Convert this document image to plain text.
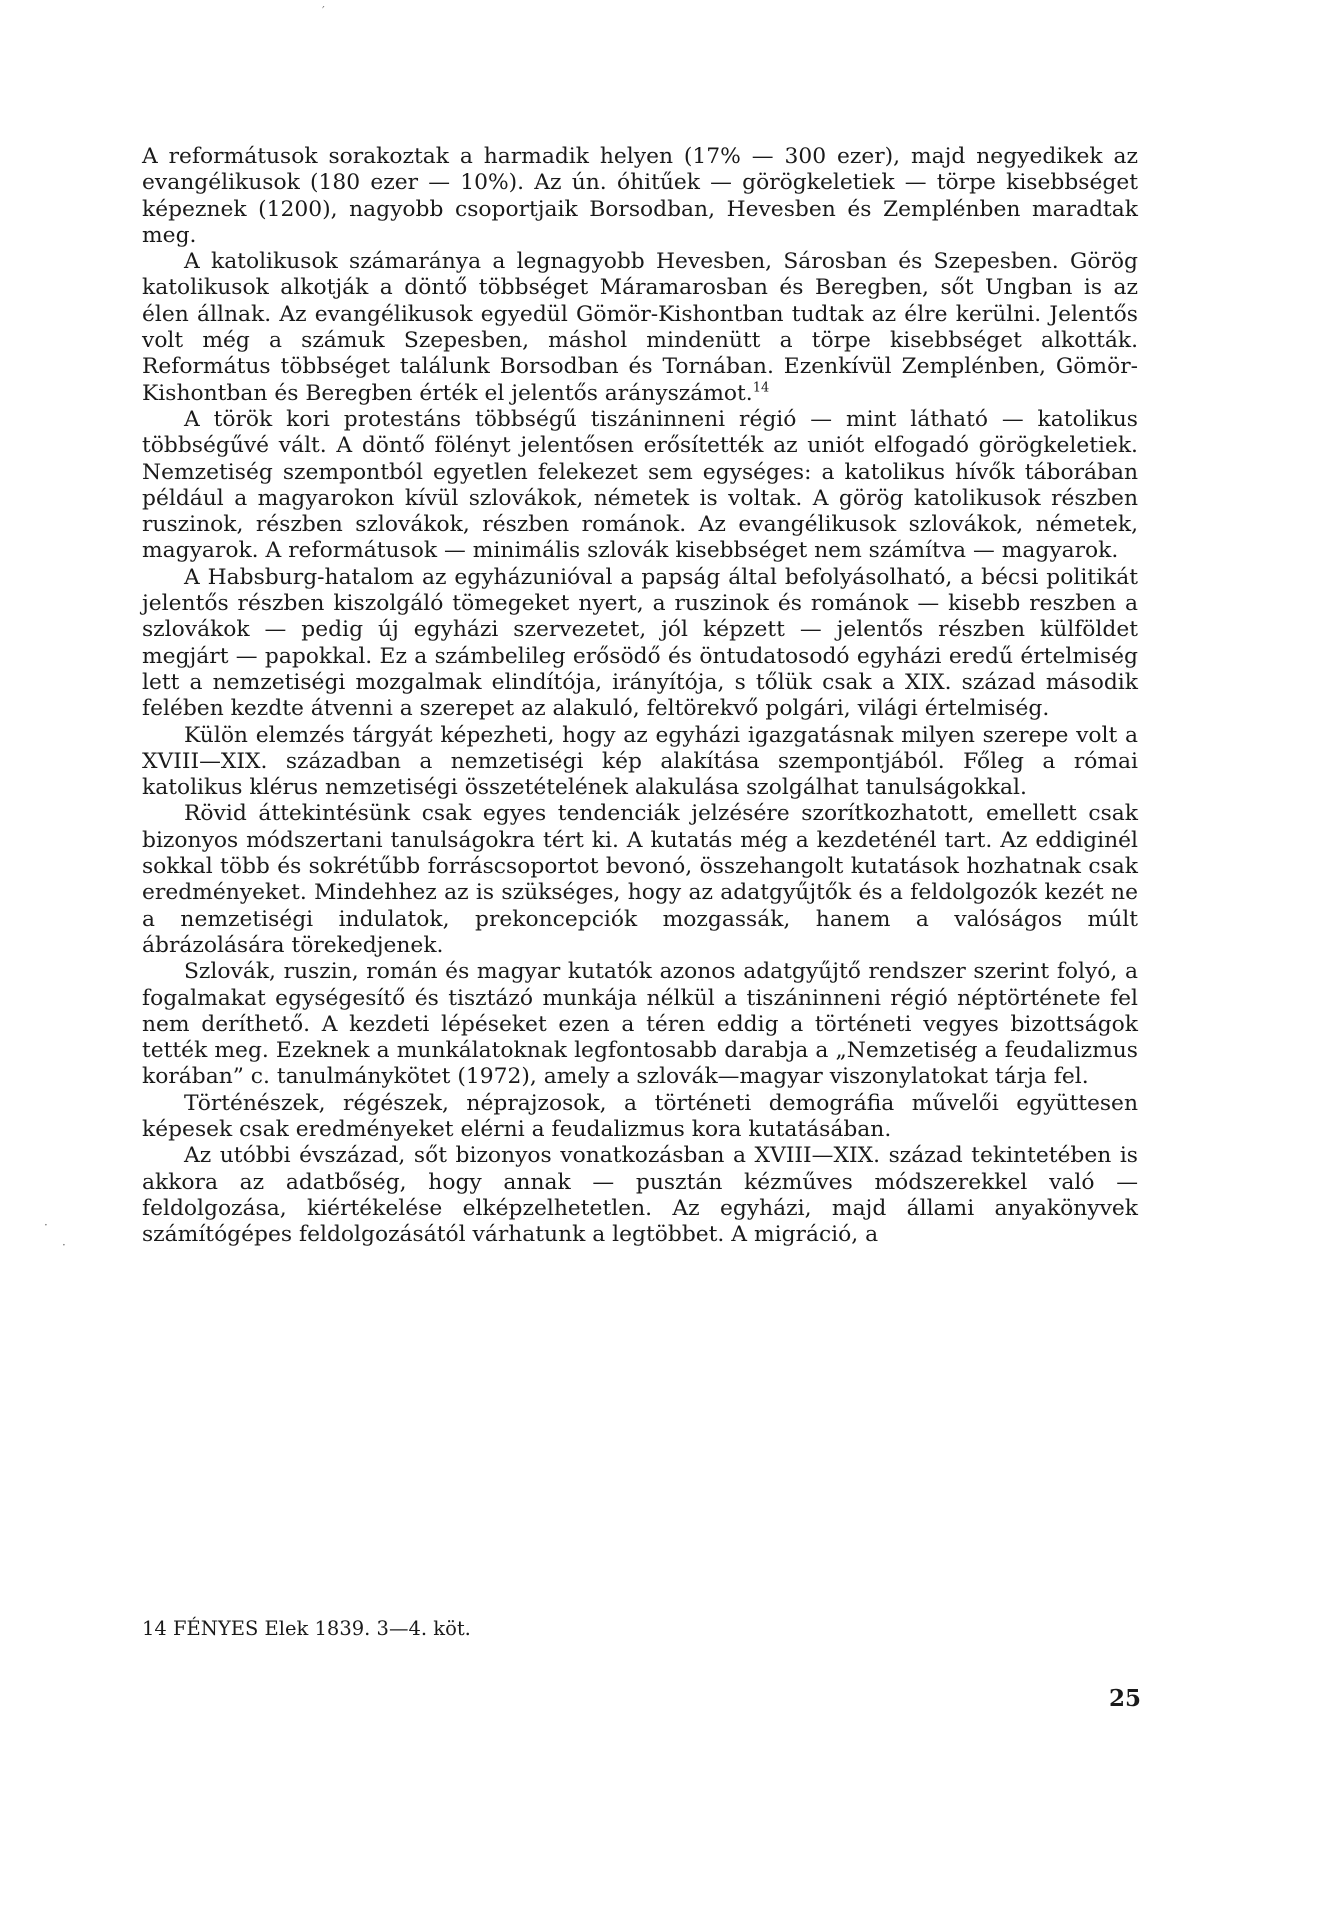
A reformátusok sorakoztak a harmadik helyen (17% — 300 ezer), majd negyedikek az evangélikusok (180 ezer — 10%). Az ún. óhitűek — görögkeletiek — törpe kisebbséget képeznek (1200), nagyobb csoportjaik Borsodban, Hevesben és Zemplénben maradtak meg.

A katolikusok számaránya a legnagyobb Hevesben, Sárosban és Szepesben. Görög katolikusok alkotják a döntő többséget Máramarosban és Beregben, sőt Ungban is az élen állnak. Az evangélikusok egyedül Gömör-Kishontban tudtak az élre kerülni. Jelentős volt még a számuk Szepesben, máshol mindenütt a törpe kisebbséget alkották. Református többséget találunk Borsodban és Tornában. Ezenkívül Zemplénben, Gömör-Kishontban és Beregben érték el jelentős arányszámot.$^{14}$

A török kori protestáns többségű tiszáninneni régió — mint látható — katolikus többségűvé vált. A döntő fölényt jelentősen erősítették az uniót elfogadó görögkeletiek. Nemzetiség szempontból egyetlen felekezet sem egységes: a katolikus hívők táborában például a magyarokon kívül szlovákok, németek is voltak. A görög katolikusok részben ruszinok, részben szlovákok, részben románok. Az evangélikusok szlovákok, németek, magyarok. A reformátusok — minimális szlovák kisebbséget nem számítva — magyarok.

A Habsburg-hatalom az egyházunióval a papság által befolyásolható, a bécsi politikát jelentős részben kiszolgáló tömegeket nyert, a ruszinok és románok — kisebb reszben a szlovákok — pedig új egyházi szervezetet, jól képzett — jelentős részben külföldet megjárt — papokkal. Ez a számbelileg erősödő és öntudatosodó egyházi eredű értelmiség lett a nemzetiségi mozgalmak elindítója, irányítója, s tőlük csak a XIX. század második felében kezdte átvenni a szerepet az alakuló, feltörekvő polgári, világi értelmiség.

Külön elemzés tárgyát képezheti, hogy az egyházi igazgatásnak milyen szerepe volt a XVIII—XIX. században a nemzetiségi kép alakítása szempontjából. Főleg a római katolikus klérus nemzetiségi összetételének alakulása szolgálhat tanulságokkal.

Rövid áttekintésünk csak egyes tendenciák jelzésére szorítkozhatott, emellett csak bizonyos módszertani tanulságokra tért ki. A kutatás még a kezdeténél tart. Az eddiginél sokkal több és sokrétűbb forráscsoportot bevonó, összehangolt kutatások hozhatnak csak eredményeket. Mindehhez az is szükséges, hogy az adatgyűjtők és a feldolgozók kezét ne a nemzetiségi indulatok, prekoncepciók mozgassák, hanem a valóságos múlt ábrázolására törekedjenek.

Szlovák, ruszin, román és magyar kutatók azonos adatgyűjtő rendszer szerint folyó, a fogalmakat egységesítő és tisztázó munkája nélkül a tiszáninneni régió néptörténete fel nem deríthető. A kezdeti lépéseket ezen a téren eddig a történeti vegyes bizottságok tették meg. Ezeknek a munkálatoknak legfontosabb darabja a „Nemzetiség a feudalizmus korában” c. tanulmánykötet (1972), amely a szlovák—magyar viszonylatokat tárja fel.

Történészek, régészek, néprajzosok, a történeti demográfia művelői együttesen képesek csak eredményeket elérni a feudalizmus kora kutatásában.

Az utóbbi évszázad, sőt bizonyos vonatkozásban a XVIII—XIX. század tekintetében is akkora az adatbőség, hogy annak — pusztán kézműves módszerekkel való — feldolgozása, kiértékelése elképzelhetetlen. Az egyházi, majd állami anyakönyvek számítógépes feldolgozásától várhatunk a legtöbbet. A migráció, a

14 FÉNYES Elek 1839. 3—4. köt.
25
′
·
·
